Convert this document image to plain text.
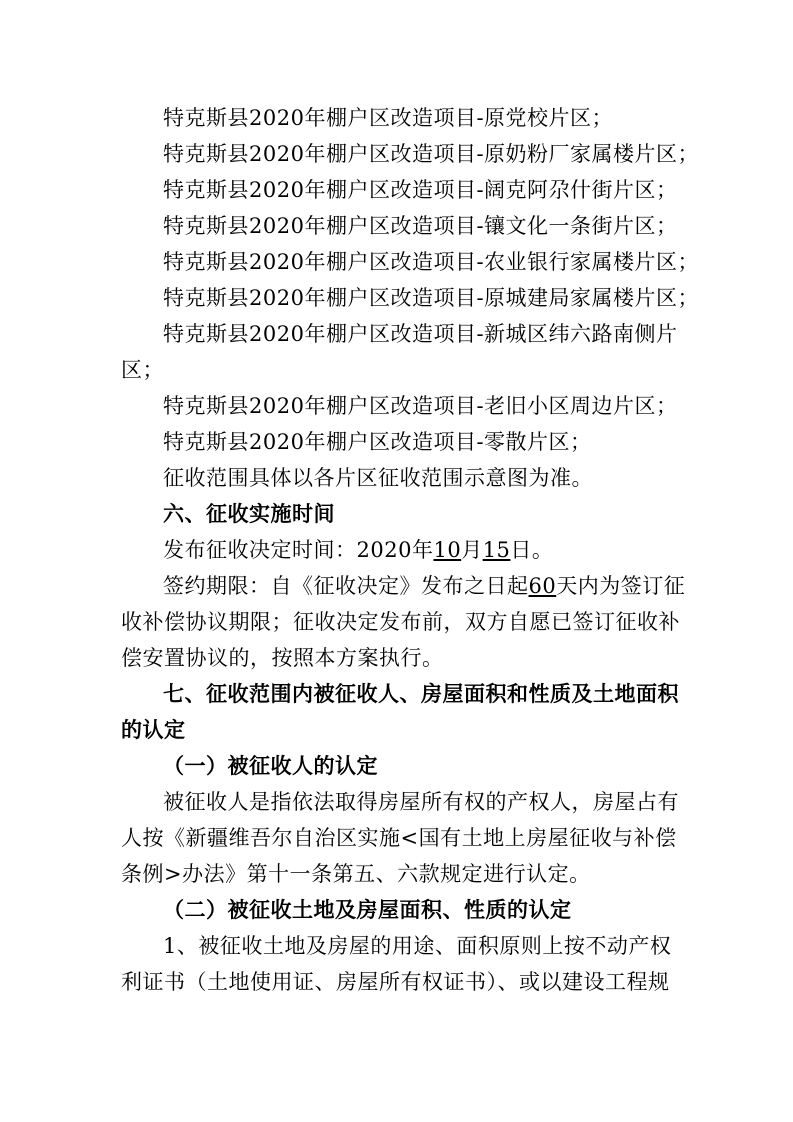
特克斯县2020年棚户区改造项目-原党校片区；
特克斯县2020年棚户区改造项目-原奶粉厂家属楼片区；
特克斯县2020年棚户区改造项目-阔克阿尕什街片区；
特克斯县2020年棚户区改造项目-镶文化一条街片区；
特克斯县2020年棚户区改造项目-农业银行家属楼片区；
特克斯县2020年棚户区改造项目-原城建局家属楼片区；
特克斯县2020年棚户区改造项目-新城区纬六路南侧片
区；
特克斯县2020年棚户区改造项目-老旧小区周边片区；
特克斯县2020年棚户区改造项目-零散片区；
征收范围具体以各片区征收范围示意图为准。
六、征收实施时间
发布征收决定时间：2020年10月15日。
签约期限：自《征收决定》发布之日起60天内为签订征
收补偿协议期限；征收决定发布前，双方自愿已签订征收补
偿安置协议的，按照本方案执行。
七、征收范围内被征收人、房屋面积和性质及土地面积
的认定
（一）被征收人的认定
被征收人是指依法取得房屋所有权的产权人，房屋占有
人按《新疆维吾尔自治区实施<国有土地上房屋征收与补偿
条例>办法》第十一条第五、六款规定进行认定。
（二）被征收土地及房屋面积、性质的认定
1、被征收土地及房屋的用途、面积原则上按不动产权
利证书（土地使用证、房屋所有权证书）、或以建设工程规
